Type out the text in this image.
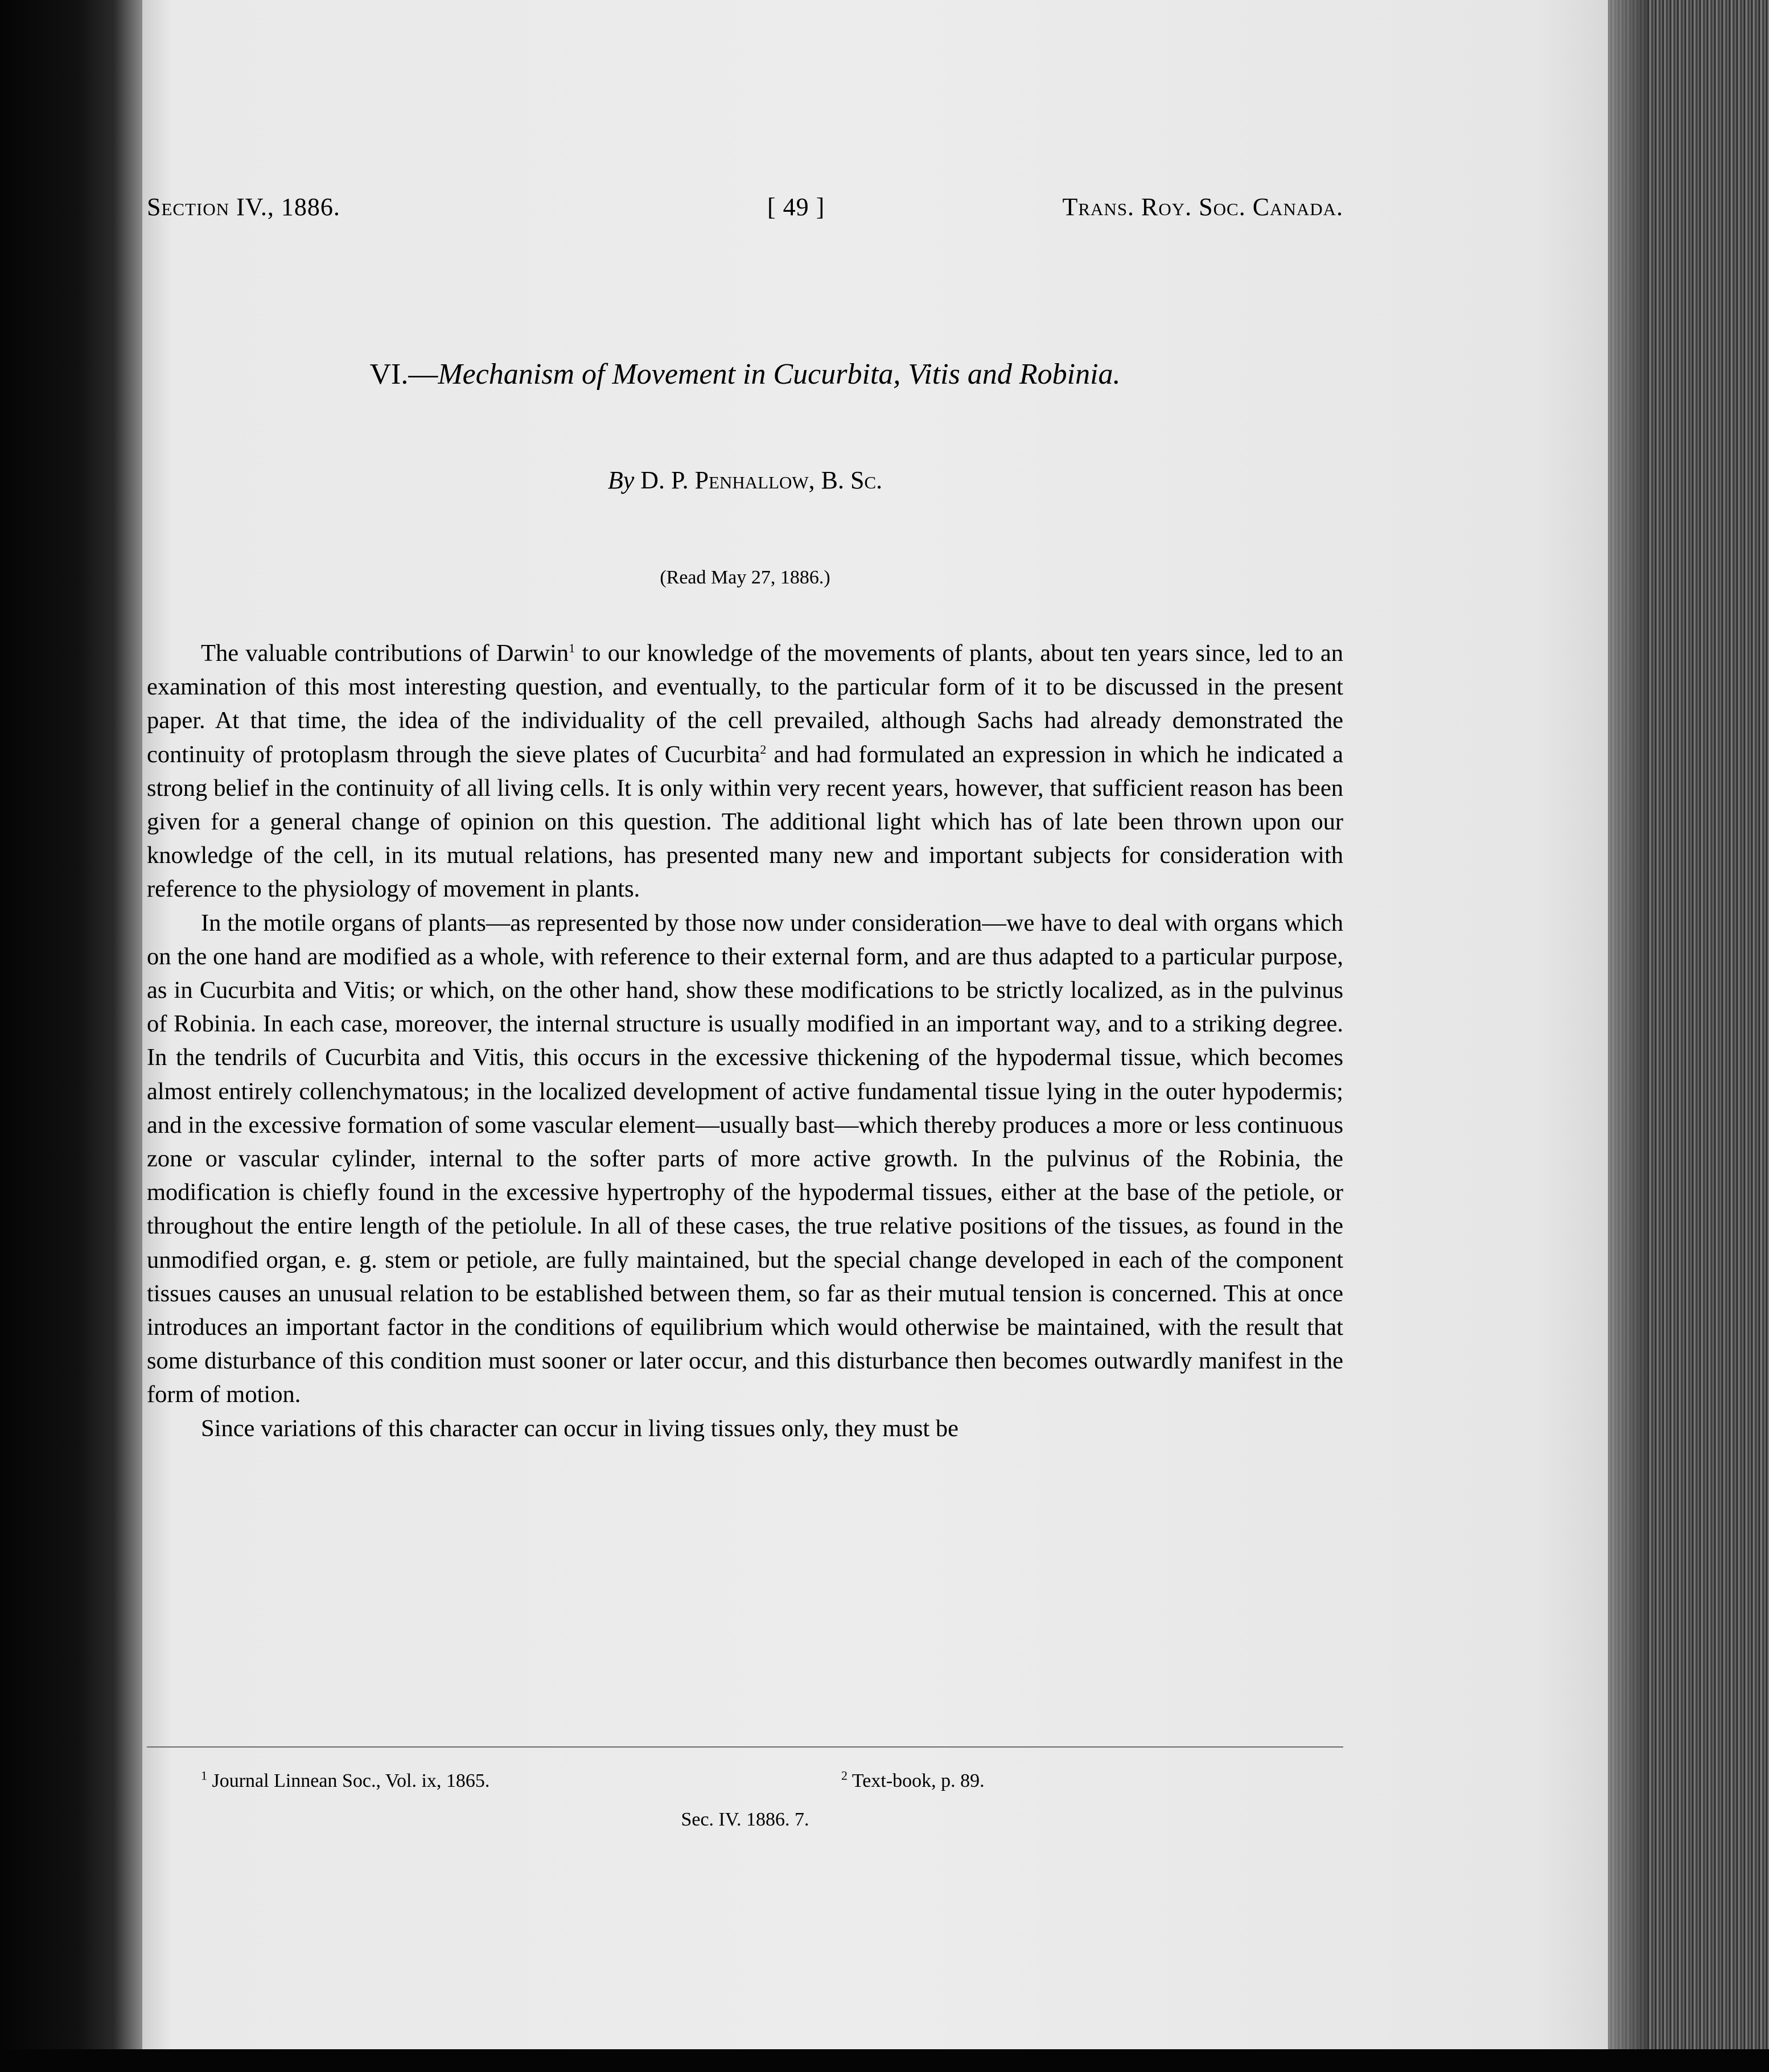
Section IV., 1886.	[ 49 ]	Trans. Roy. Soc. Canada.
VI.—Mechanism of Movement in Cucurbita, Vitis and Robinia.
By D. P. Penhallow, B. Sc.
(Read May 27, 1886.)

The valuable contributions of Darwin$^1$ to our knowledge of the movements of plants, about ten years since, led to an examination of this most interesting question, and eventually, to the particular form of it to be discussed in the present paper. At that time, the idea of the individuality of the cell prevailed, although Sachs had already demonstrated the continuity of protoplasm through the sieve plates of Cucurbita$^2$ and had formulated an expression in which he indicated a strong belief in the continuity of all living cells. It is only within very recent years, however, that sufficient reason has been given for a general change of opinion on this question. The additional light which has of late been thrown upon our knowledge of the cell, in its mutual relations, has presented many new and important subjects for consideration with reference to the physiology of movement in plants.

In the motile organs of plants—as represented by those now under consideration—we have to deal with organs which on the one hand are modified as a whole, with reference to their external form, and are thus adapted to a particular purpose, as in Cucurbita and Vitis; or which, on the other hand, show these modifications to be strictly localized, as in the pulvinus of Robinia. In each case, moreover, the internal structure is usually modified in an important way, and to a striking degree. In the tendrils of Cucurbita and Vitis, this occurs in the excessive thickening of the hypodermal tissue, which becomes almost entirely collenchymatous; in the localized development of active fundamental tissue lying in the outer hypodermis; and in the excessive formation of some vascular element—usually bast—which thereby produces a more or less continuous zone or vascular cylinder, internal to the softer parts of more active growth. In the pulvinus of the Robinia, the modification is chiefly found in the excessive hypertrophy of the hypodermal tissues, either at the base of the petiole, or throughout the entire length of the petiolule. In all of these cases, the true relative positions of the tissues, as found in the unmodified organ, e. g. stem or petiole, are fully maintained, but the special change developed in each of the component tissues causes an unusual relation to be established between them, so far as their mutual tension is concerned. This at once introduces an important factor in the conditions of equilibrium which would otherwise be maintained, with the result that some disturbance of this condition must sooner or later occur, and this disturbance then becomes outwardly manifest in the form of motion.

Since variations of this character can occur in living tissues only, they must be

$^1$ Journal Linnean Soc., Vol. ix, 1865.	$^2$ Text-book, p. 89.
Sec. IV. 1886. 7.
